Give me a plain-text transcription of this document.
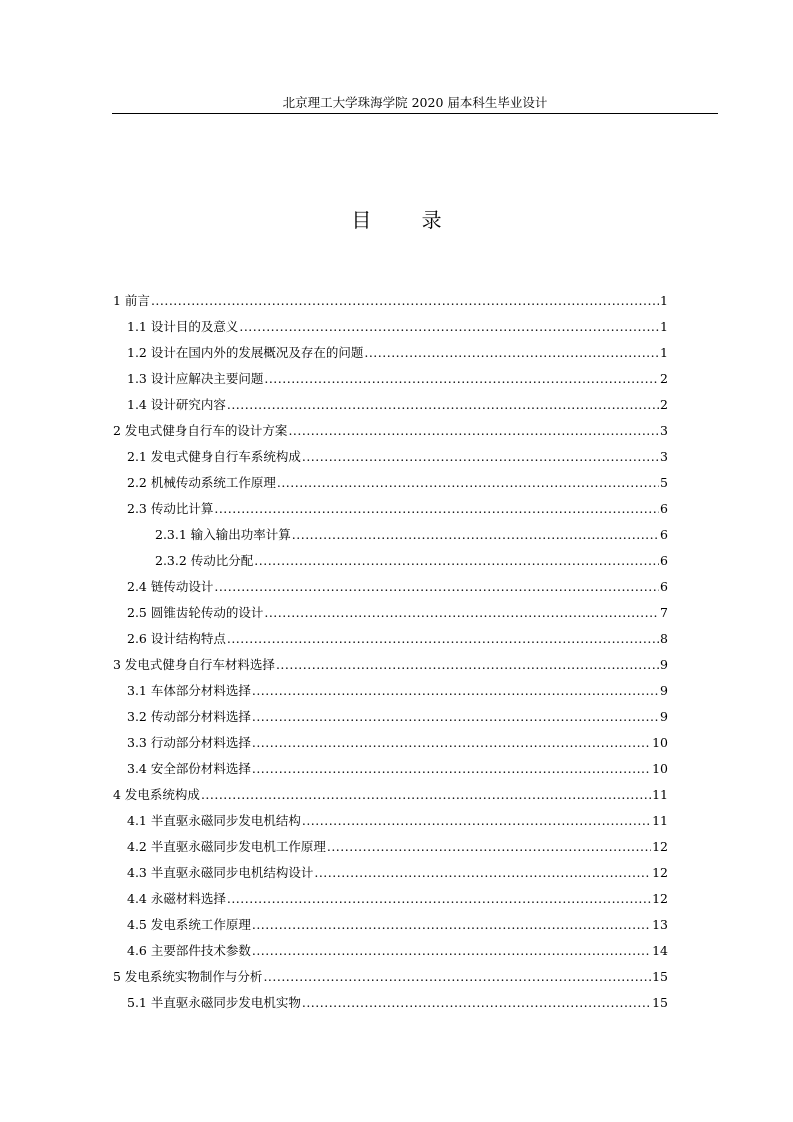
北京理工大学珠海学院 2020 届本科生毕业设计
目 录
1 前言 .....	1
1.1 设计目的及意义 .....	1
1.2 设计在国内外的发展概况及存在的问题 .....	1
1.3 设计应解决主要问题 .....	2
1.4 设计研究内容 .....	2
2 发电式健身自行车的设计方案 .....	3
2.1 发电式健身自行车系统构成 .....	3
2.2 机械传动系统工作原理 .....	5
2.3 传动比计算 .....	6
2.3.1 输入输出功率计算 .....	6
2.3.2 传动比分配 .....	6
2.4 链传动设计 .....	6
2.5 圆锥齿轮传动的设计 .....	7
2.6 设计结构特点 .....	8
3 发电式健身自行车材料选择 .....	9
3.1 车体部分材料选择 .....	9
3.2 传动部分材料选择 .....	9
3.3 行动部分材料选择 .....	10
3.4 安全部份材料选择 .....	10
4 发电系统构成 .....	11
4.1 半直驱永磁同步发电机结构 .....	11
4.2 半直驱永磁同步发电机工作原理 .....	12
4.3 半直驱永磁同步电机结构设计 .....	12
4.4 永磁材料选择 .....	12
4.5 发电系统工作原理 .....	13
4.6 主要部件技术参数 .....	14
5 发电系统实物制作与分析 .....	15
5.1 半直驱永磁同步发电机实物 .....	15
